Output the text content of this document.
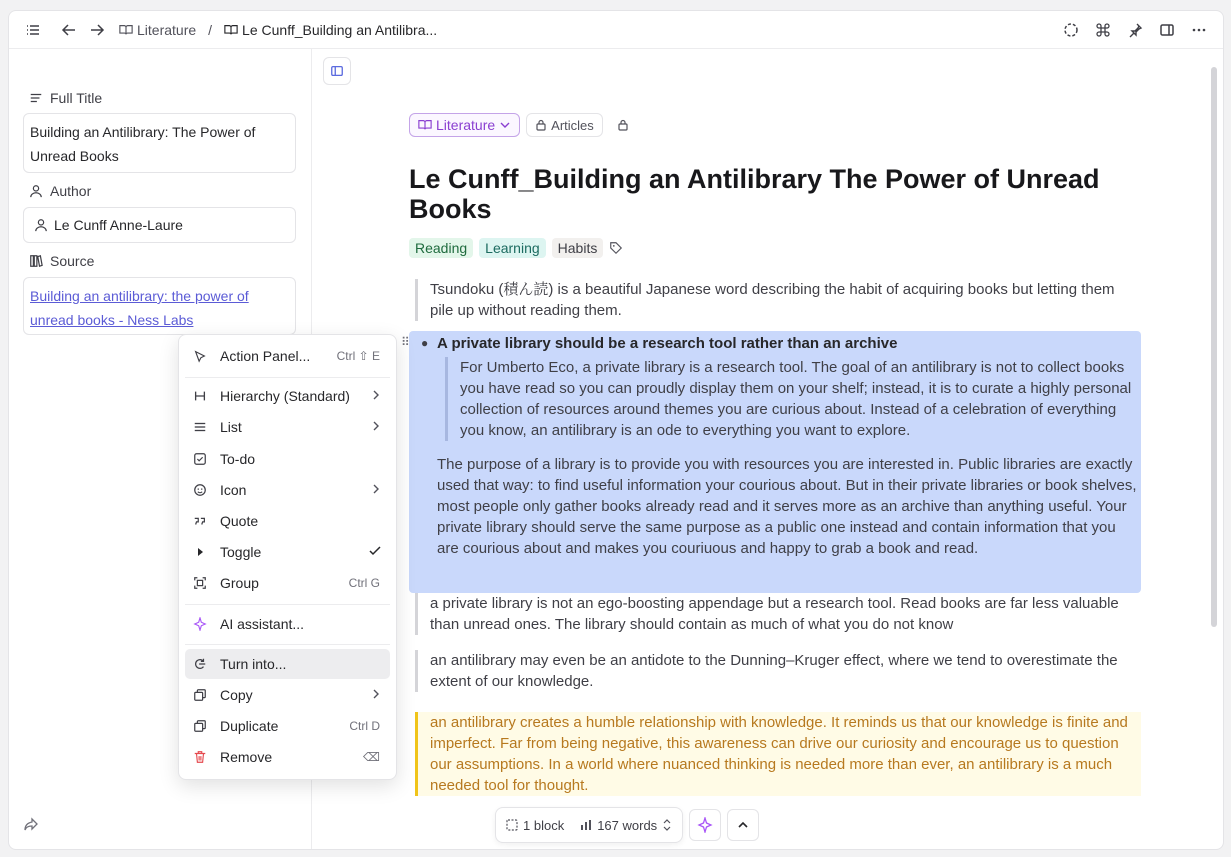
Literature / Le Cunff_Building an Antilibra...
Full Title
Building an Antilibrary: The Power of Unread Books
Author
Le Cunff Anne-Laure
Source
Building an antilibrary: the power of unread books - Ness Labs
Action Panel...	Ctrl ⇧ E
Hierarchy (Standard)
List
To-do
Icon
Quote
Toggle
Group	Ctrl G
AI assistant...
Turn into...
Copy
Duplicate	Ctrl D
Remove	⌫
Literature	Articles
Le Cunff_Building an Antilibrary The Power of Unread Books
Reading	Learning	Habits
Tsundoku (積ん読) is a beautiful Japanese word describing the habit of acquiring books but letting them pile up without reading them.
⠿ ● A private library should be a research tool rather than an archive
For Umberto Eco, a private library is a research tool. The goal of an antilibrary is not to collect books you have read so you can proudly display them on your shelf; instead, it is to curate a highly personal collection of resources around themes you are curious about. Instead of a celebration of everything you know, an antilibrary is an ode to everything you want to explore.
The purpose of a library is to provide you with resources you are interested in. Public libraries are exactly used that way: to find useful information your courious about. But in their private libraries or book shelves, most people only gather books already read and it serves more as an archive than anything useful. Your private library should serve the same purpose as a public one instead and contain information that you are courious about and makes you couriuous and happy to grab a book and read.
a private library is not an ego-boosting appendage but a research tool. Read books are far less valuable than unread ones. The library should contain as much of what you do not know
an antilibrary may even be an antidote to the Dunning–Kruger effect, where we tend to overestimate the extent of our knowledge.
an antilibrary creates a humble relationship with knowledge. It reminds us that our knowledge is finite and imperfect. Far from being negative, this awareness can drive our curiosity and encourage us to question our assumptions. In a world where nuanced thinking is needed more than ever, an antilibrary is a much needed tool for thought.
1 block	167 words
